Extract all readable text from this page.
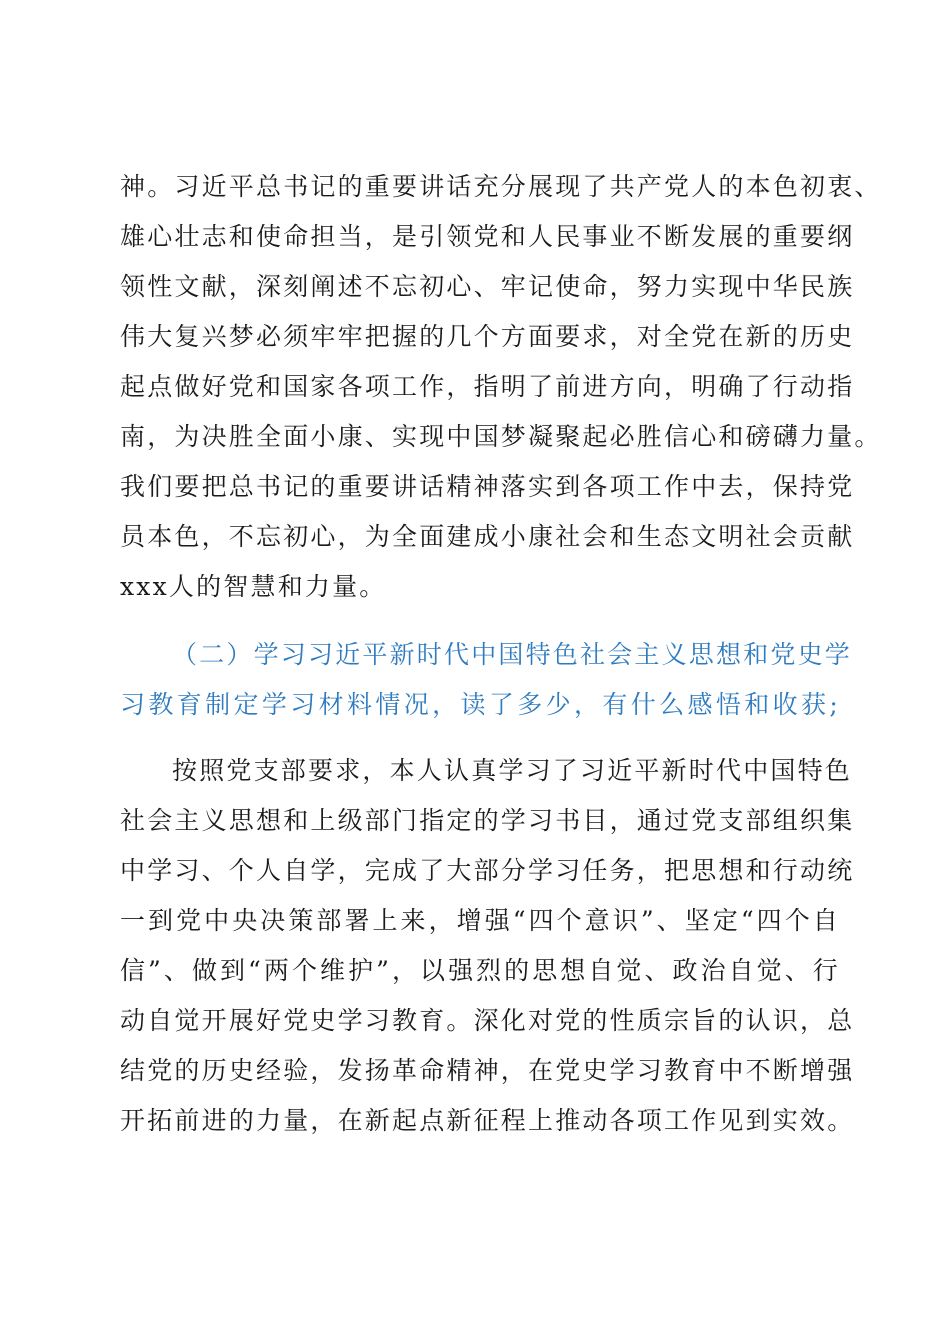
神。习近平总书记的重要讲话充分展现了共产党人的本色初衷、
雄心壮志和使命担当，是引领党和人民事业不断发展的重要纲
领性文献，深刻阐述不忘初心、牢记使命，努力实现中华民族
伟大复兴梦必须牢牢把握的几个方面要求，对全党在新的历史
起点做好党和国家各项工作，指明了前进方向，明确了行动指
南，为决胜全面小康、实现中国梦凝聚起必胜信心和磅礴力量。
我们要把总书记的重要讲话精神落实到各项工作中去，保持党
员本色，不忘初心，为全面建成小康社会和生态文明社会贡献
xxx人的智慧和力量。
（二）学习习近平新时代中国特色社会主义思想和党史学
习教育制定学习材料情况，读了多少，有什么感悟和收获;
按照党支部要求，本人认真学习了习近平新时代中国特色
社会主义思想和上级部门指定的学习书目，通过党支部组织集
中学习、个人自学，完成了大部分学习任务，把思想和行动统
一到党中央决策部署上来，增强“四个意识”、坚定“四个自
信”、做到“两个维护”，以强烈的思想自觉、政治自觉、行
动自觉开展好党史学习教育。深化对党的性质宗旨的认识，总
结党的历史经验，发扬革命精神，在党史学习教育中不断增强
开拓前进的力量，在新起点新征程上推动各项工作见到实效。
